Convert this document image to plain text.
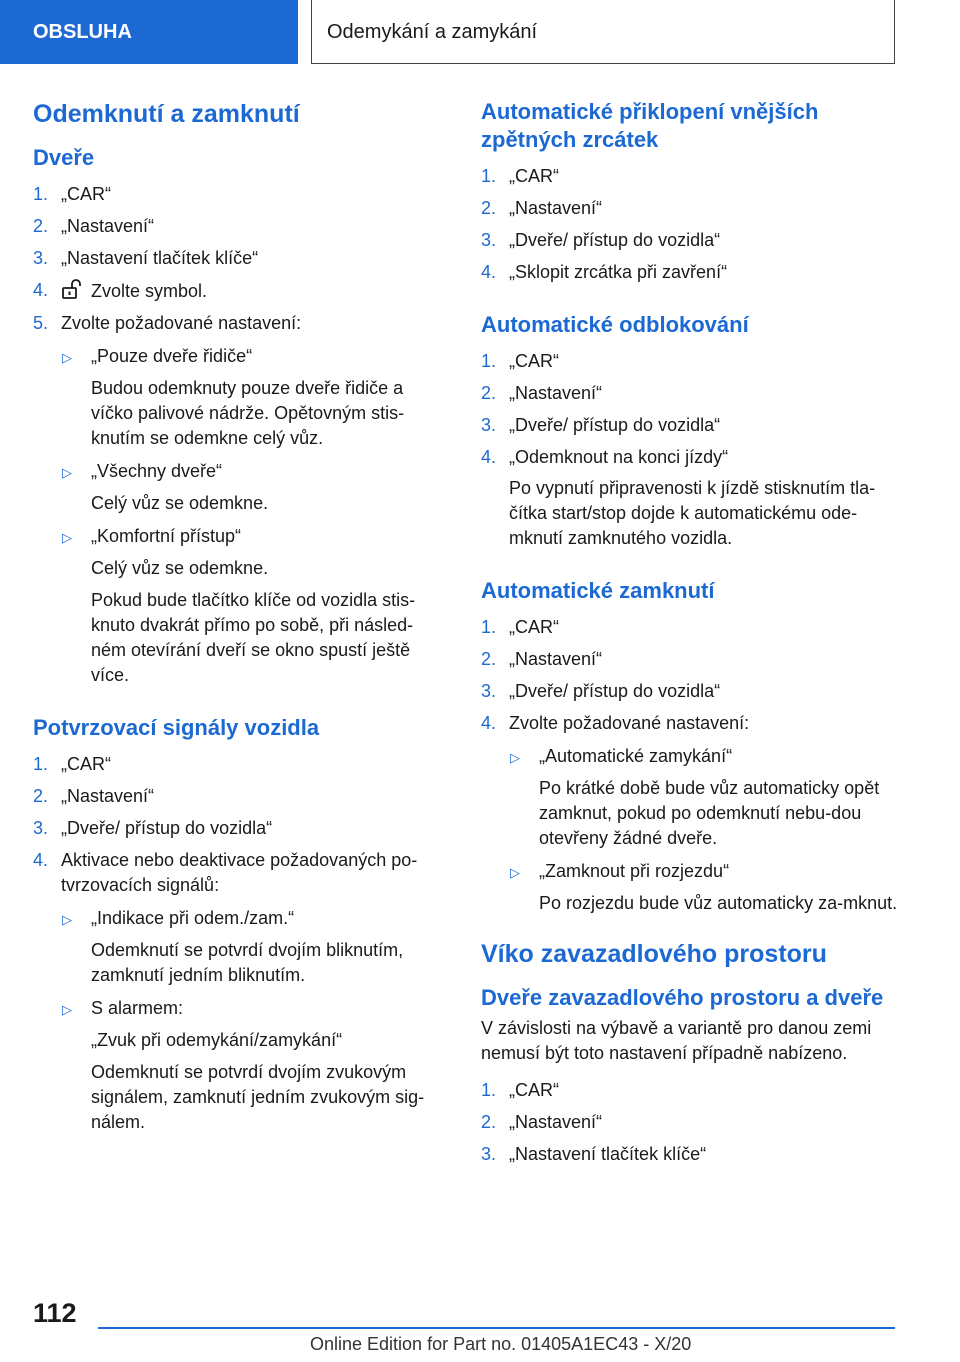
OBSLUHA	Odemykání a zamykání
Odemknutí a zamknutí
Dveře
1. „CAR“
2. „Nastavení“
3. „Nastavení tlačítek klíče“
4. Zvolte symbol.
5. Zvolte požadované nastavení:
▷ „Pouze dveře řidiče“
Budou odemknuty pouze dveře řidiče a víčko palivové nádrže. Opětovným stis-knutím se odemkne celý vůz.
▷ „Všechny dveře“
Celý vůz se odemkne.
▷ „Komfortní přístup“
Celý vůz se odemkne.
Pokud bude tlačítko klíče od vozidla stis-knuto dvakrát přímo po sobě, při násled-ném otevírání dveří se okno spustí ještě více.
Potvrzovací signály vozidla
1. „CAR“
2. „Nastavení“
3. „Dveře/ přístup do vozidla“
4. Aktivace nebo deaktivace požadovaných po-tvrzovacích signálů:
▷ „Indikace při odem./zam.“
Odemknutí se potvrdí dvojím bliknutím, zamknutí jedním bliknutím.
▷ S alarmem:
„Zvuk při odemykání/zamykání“
Odemknutí se potvrdí dvojím zvukovým signálem, zamknutí jedním zvukovým sig-nálem.
Automatické přiklopení vnějších zpětných zrcátek
1. „CAR“
2. „Nastavení“
3. „Dveře/ přístup do vozidla“
4. „Sklopit zrcátka při zavření“
Automatické odblokování
1. „CAR“
2. „Nastavení“
3. „Dveře/ přístup do vozidla“
4. „Odemknout na konci jízdy“
Po vypnutí připravenosti k jízdě stisknutím tla-čítka start/stop dojde k automatickému ode-mknutí zamknutého vozidla.
Automatické zamknutí
1. „CAR“
2. „Nastavení“
3. „Dveře/ přístup do vozidla“
4. Zvolte požadované nastavení:
▷ „Automatické zamykání“
Po krátké době bude vůz automaticky opět zamknut, pokud po odemknutí nebu-dou otevřeny žádné dveře.
▷ „Zamknout při rozjezdu“
Po rozjezdu bude vůz automaticky za-mknut.
Víko zavazadlového prostoru
Dveře zavazadlového prostoru a dveře

V závislosti na výbavě a variantě pro danou zemi nemusí být toto nastavení případně nabízeno.

1. „CAR“
2. „Nastavení“
3. „Nastavení tlačítek klíče“
112
Online Edition for Part no. 01405A1EC43 - X/20
